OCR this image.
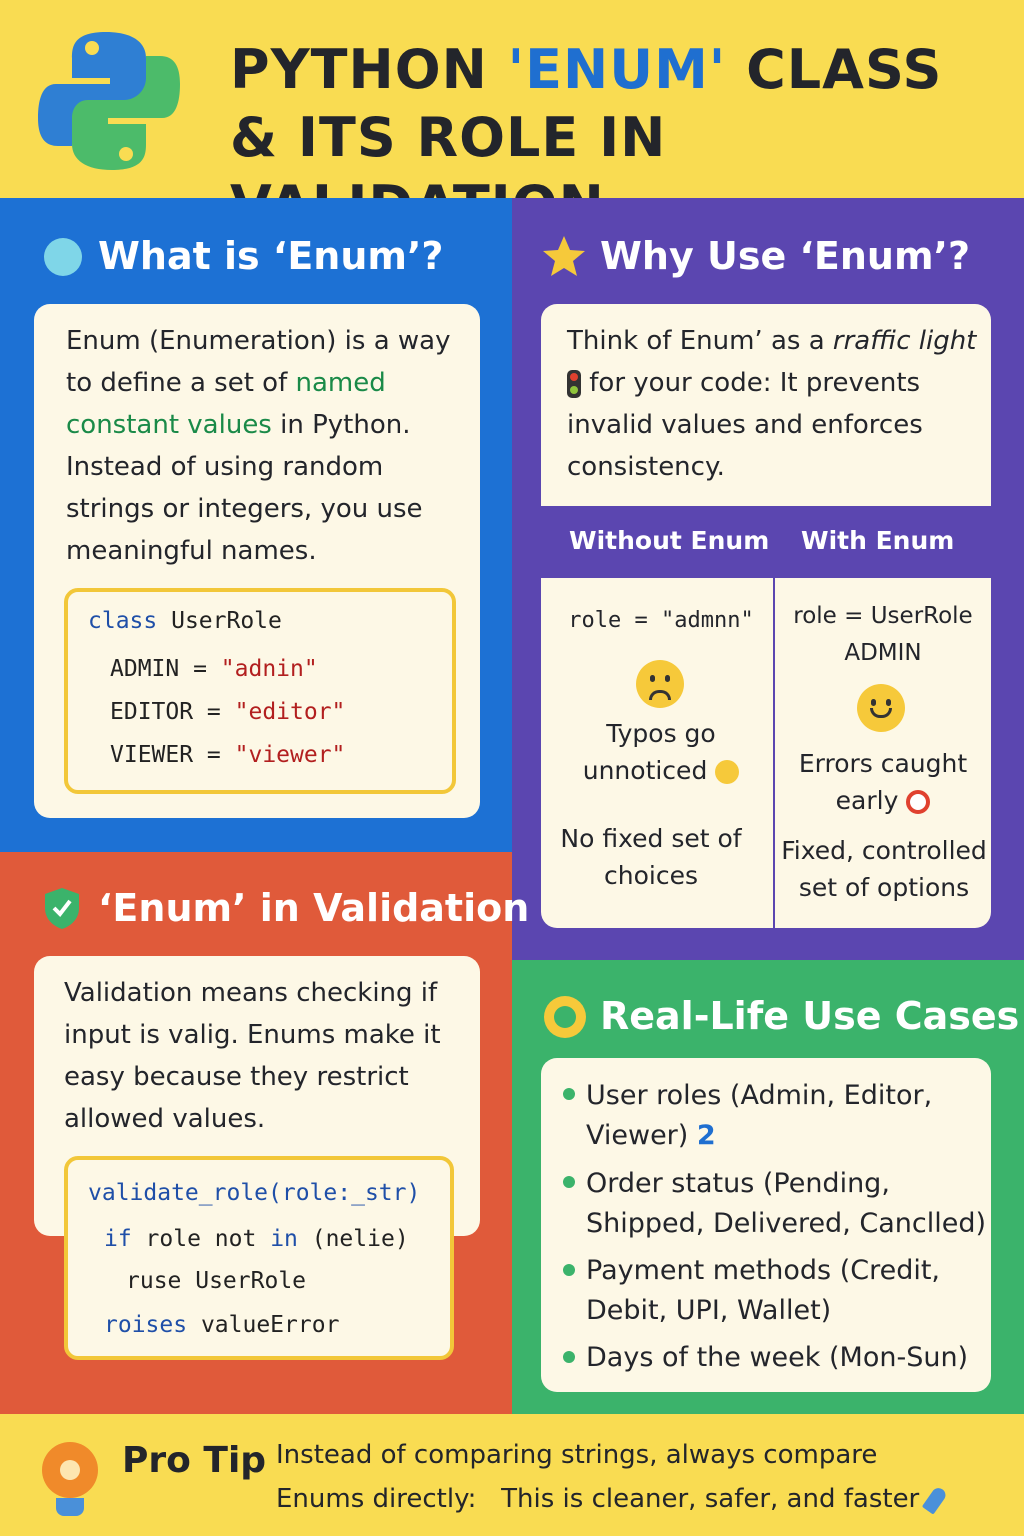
PYTHON 'ENUM' CLASS
& ITS ROLE IN
What is ‘Enum’?
Enum (Enumeration) is a way to define a set of named constant values in Python. Instead of using random strings or integers, you use meaningful names.
class UserRole
ADMIN = "adnin"
EDITOR = "editor"
VIEWER = "viewer"
Why Use ‘Enum’?
Think of Enum’ as a rraffic light
for your code: It prevents invalid values and enforces consistency.
Without Enum With Enum
role = "admnn"
Typos go unnoticed
No fixed set of choices
role = UserRole ADMIN
Errors caught early
Fixed, controlled set of options
‘Enum’ in Validation
Validation means checking if input is valig. Enums make it easy because they restrict allowed values.
validate_role(role:_str)
if role not in (nelie)
ruse UserRole
roises valueError
Real-Life Use Cases
User roles (Admin, Editor, Viewer) 2
Order status (Pending, Shipped, Delivered, Canclled)
Payment methods (Credit, Debit, UPI, Wallet)
Days of the week (Mon-Sun)
Pro Tip Instead of comparing strings, always compare
Enums directly: This is cleaner, safer, and faster
